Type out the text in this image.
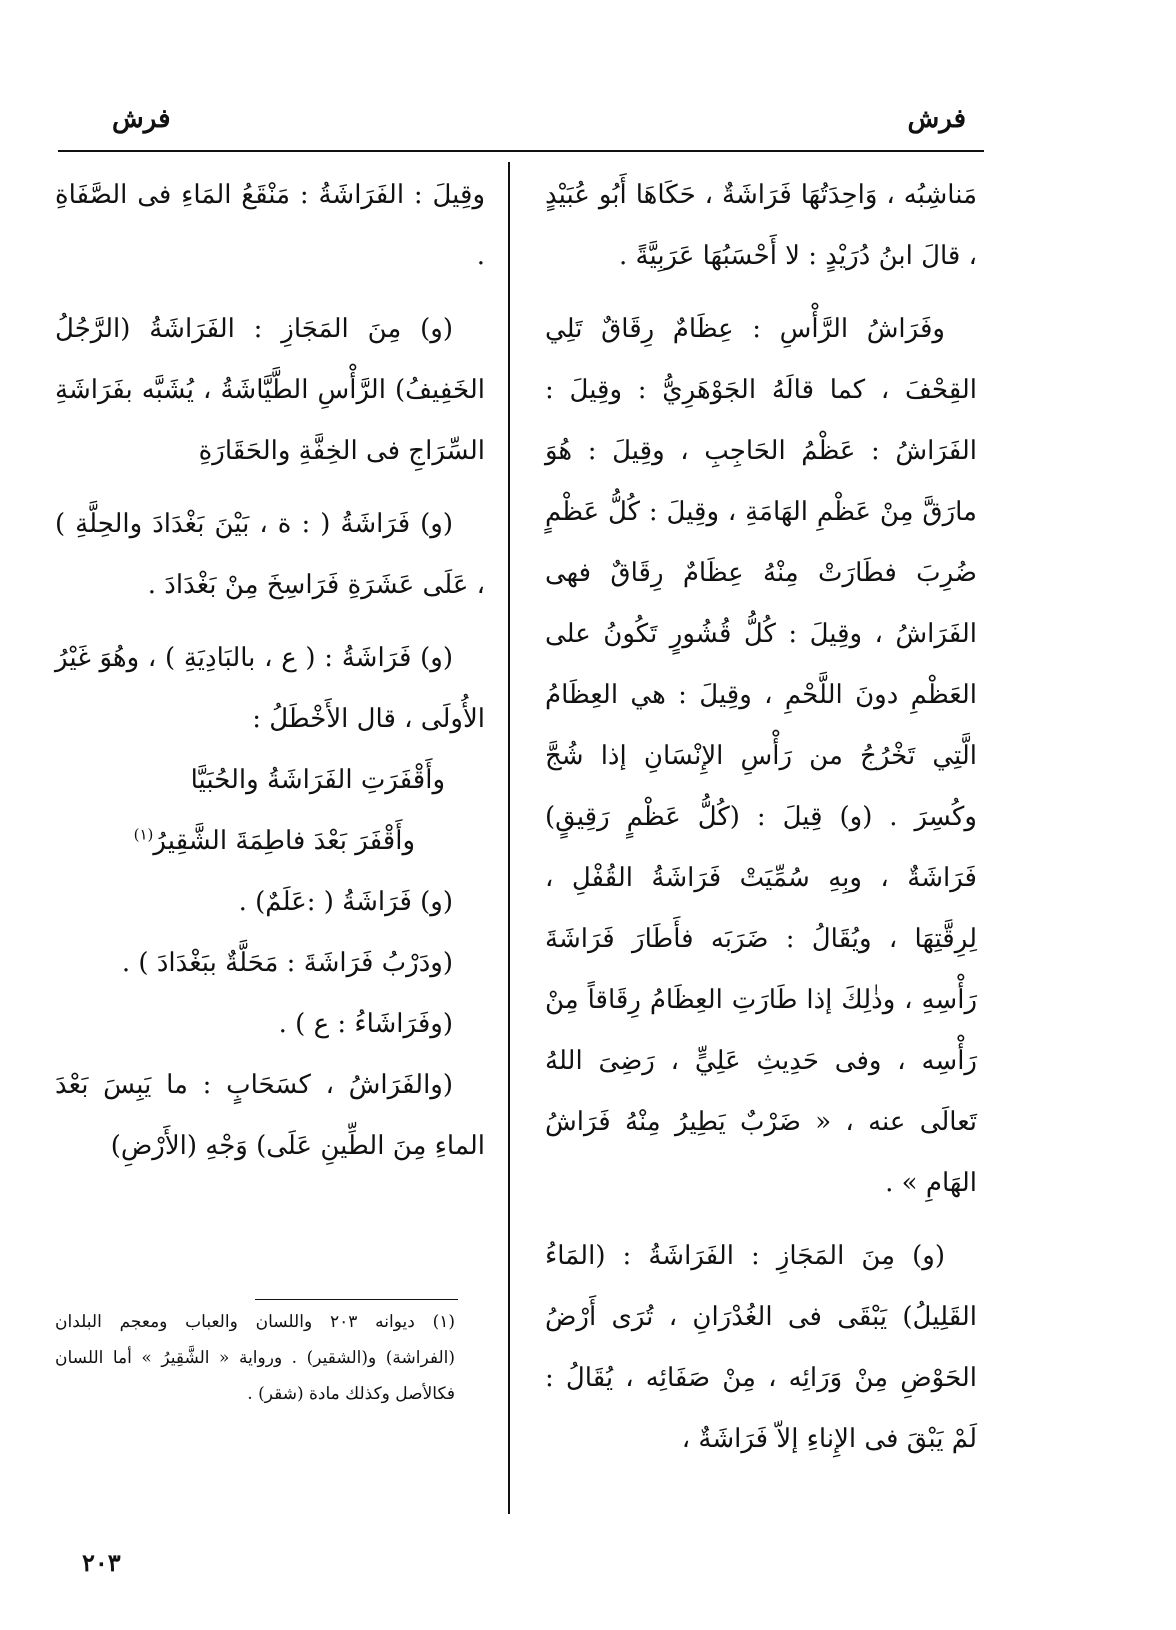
فرش
فرش

مَناشِبُه ، وَاحِدَتُهَا فَرَاشَةٌ ، حَكَاهَا أَبُو عُبَيْدٍ ، قالَ ابنُ دُرَيْدٍ : لا أَحْسَبُهَا عَرَبِيَّةً .

وفَرَاشُ الرَّأْسِ : عِظَامٌ رِقَاقٌ تَلِي القِحْفَ ، كما قالَهُ الجَوْهَرِيُّ : وقِيلَ : الفَرَاشُ : عَظْمُ الحَاجِبِ ، وقِيلَ : هُوَ مارَقَّ مِنْ عَظْمِ الهَامَةِ ، وقِيلَ : كُلُّ عَظْمٍ ضُرِبَ فطَارَتْ مِنْهُ عِظَامٌ رِقَاقٌ فهى الفَرَاشُ ، وقِيلَ : كُلُّ قُشُورٍ تَكُونُ على العَظْمِ دونَ اللَّحْمِ ، وقِيلَ : هي العِظَامُ الَّتِي تَخْرُجُ من رَأْسِ الإِنْسَانِ إذا شُجَّ وكُسِرَ . (و) قِيلَ : (كُلُّ عَظْمٍ رَقِيقٍ) فَرَاشَةٌ ، وبِهِ سُمِّيَتْ فَرَاشَةُ القُفْلِ ، لِرِقَّتِهَا ، ويُقَالُ : ضَرَبَه فأَطَارَ فَرَاشَةَ رَأْسِهِ ، وذٰلِكَ إذا طَارَتِ العِظَامُ رِقَاقاً مِنْ رَأْسِه ، وفى حَدِيثِ عَلِيٍّ ، رَضِىَ اللهُ تَعالَى عنه ، « ضَرْبٌ يَطِيرُ مِنْهُ فَرَاشُ الهَامِ » .

(و) مِنَ المَجَازِ : الفَرَاشَةُ : (المَاءُ القَلِيلُ) يَبْقَى فى الغُدْرَانِ ، تُرَى أَرْضُ الحَوْضِ مِنْ وَرَائِه ، مِنْ صَفَائِه ، يُقَالُ : لَمْ يَبْقَ فى الإِناءِ إلاّ فَرَاشَةٌ ،

وقِيلَ : الفَرَاشَةُ : مَنْقَعُ المَاءِ فى الصَّفَاةِ .

(و) مِنَ المَجَازِ : الفَرَاشَةُ (الرَّجُلُ الخَفِيفُ) الرَّأْسِ الطَّيَّاشَةُ ، يُشَبَّه بفَرَاشَةِ السِّرَاجِ فى الخِفَّةِ والحَقَارَةِ

(و) فَرَاشَةُ ( : ة ، بَيْنَ بَغْدَادَ والحِلَّةِ ) ، عَلَى عَشَرَةِ فَرَاسِخَ مِنْ بَغْدَادَ .

(و) فَرَاشَةُ : ( ع ، بالبَادِيَةِ ) ، وهُوَ غَيْرُ الأُولَى ، قال الأَخْطَلُ :

وأَقْفَرَتِ الفَرَاشَةُ والحُبَيَّا

وأَقْفَرَ بَعْدَ فاطِمَةَ الشَّقِيرُ$^{(١)}$

(و) فَرَاشَةُ ( :عَلَمٌ) .

(ودَرْبُ فَرَاشَةَ : مَحَلَّةٌ ببَغْدَادَ ) .

(وفَرَاشَاءُ : ع ) .

(والفَرَاشُ ، كسَحَابٍ : ما يَبِسَ بَعْدَ الماءِ مِنَ الطِّينِ عَلَى) وَجْهِ (الأَرْضِ)

(١) ديوانه ٢٠٣ واللسان والعباب ومعجم البلدان (الفراشة) و(الشقير) . ورواية « الشَّقِيرُ » أما اللسان فكالأصل وكذلك مادة (شقر) .

٢٠٣
